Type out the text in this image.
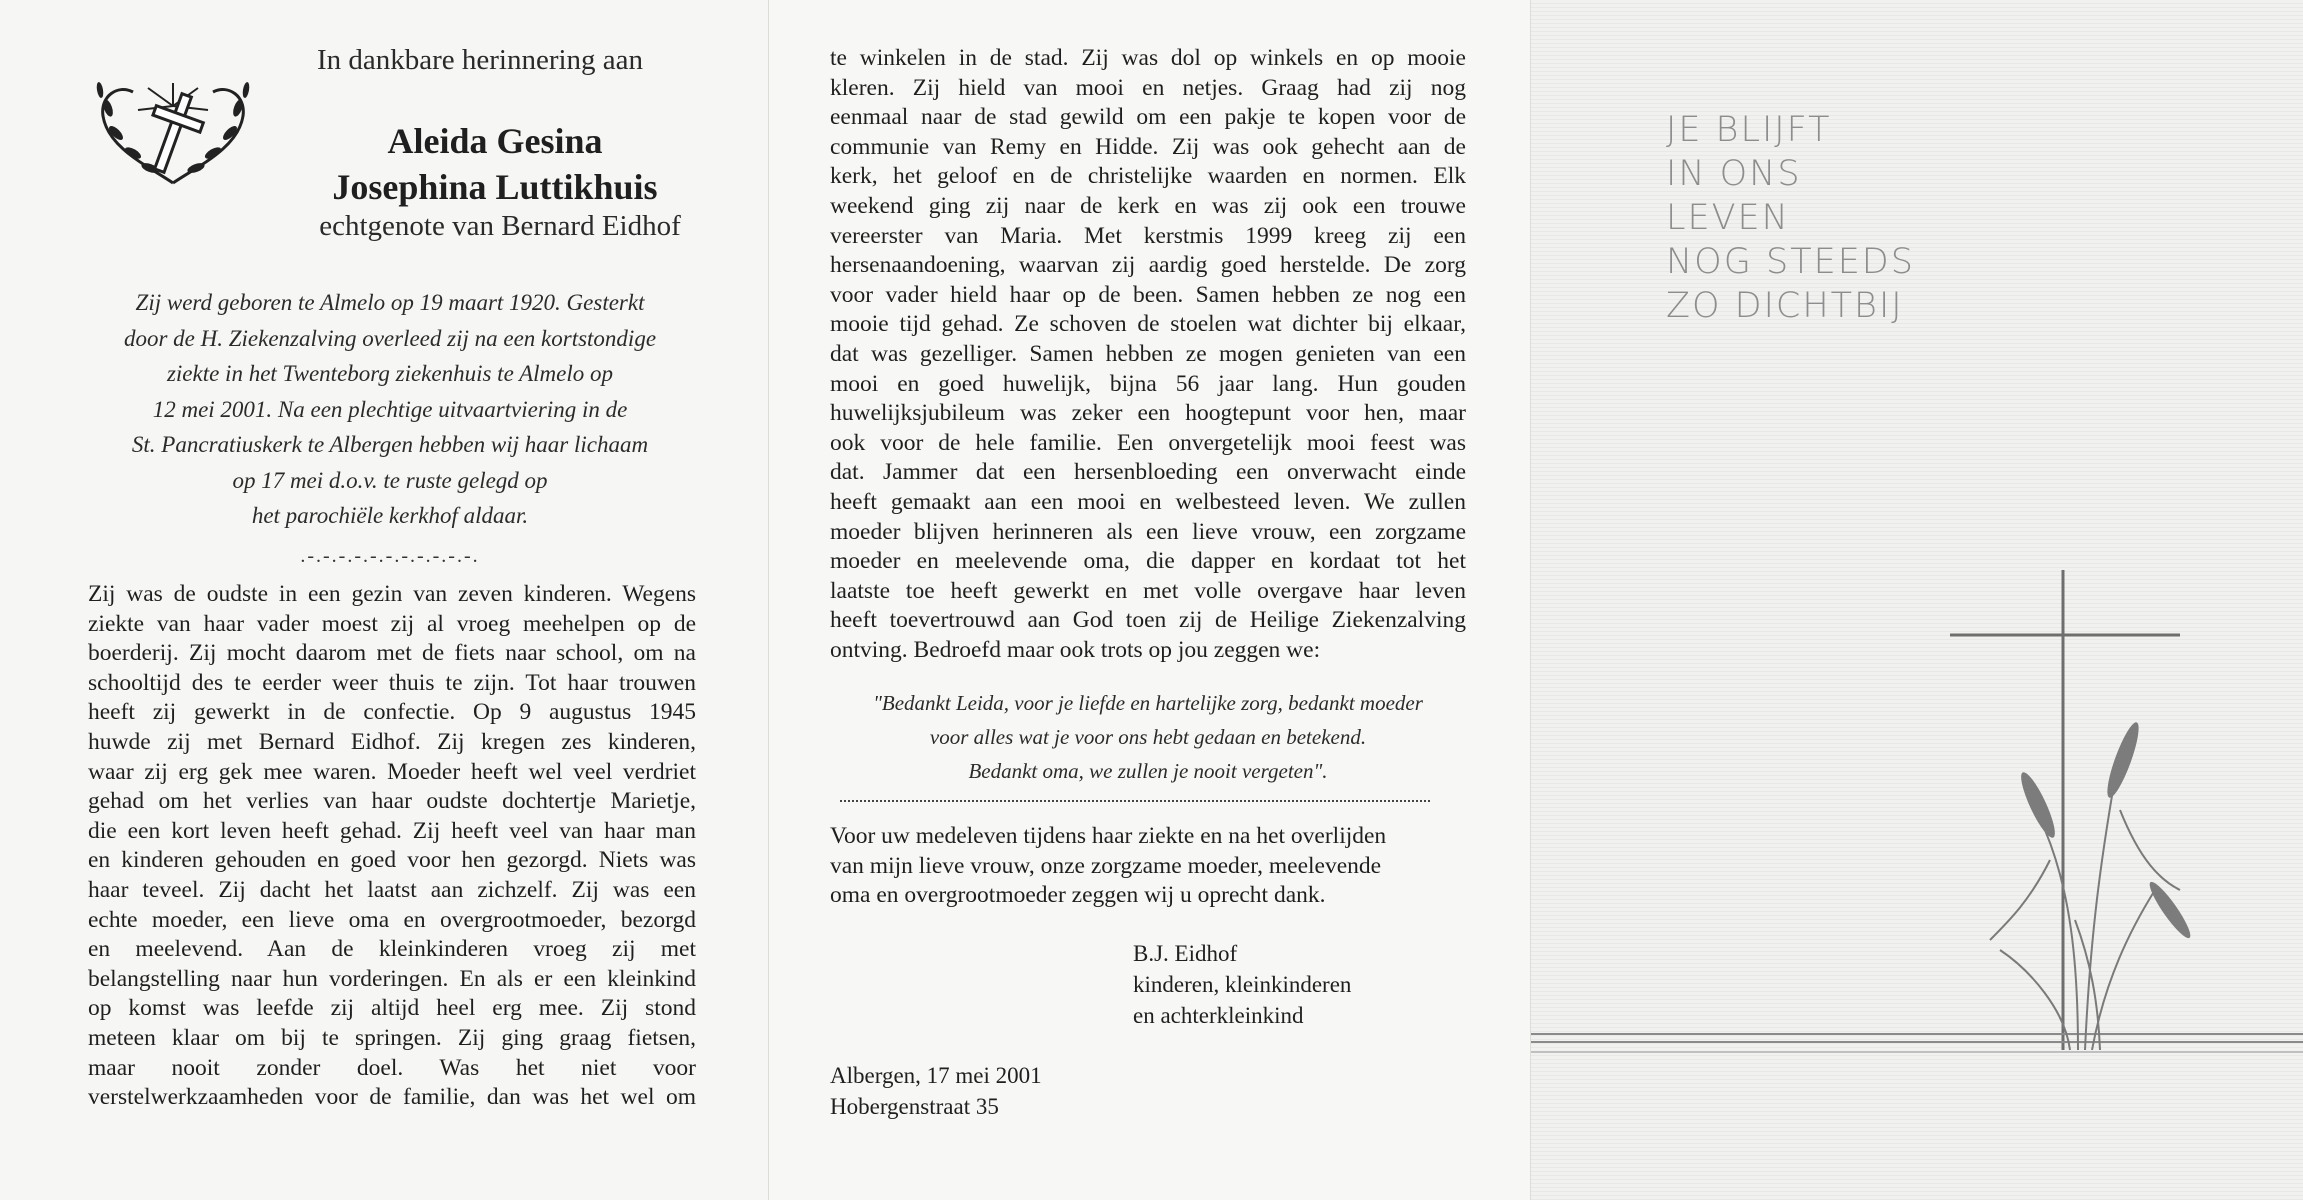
In dankbare herinnering aan
Aleida Gesina
Josephina Luttikhuis
echtgenote van Bernard Eidhof
Zij werd geboren te Almelo op 19 maart 1920. Gesterkt
door de H. Ziekenzalving overleed zij na een kortstondige
ziekte in het Twenteborg ziekenhuis te Almelo op
12 mei 2001. Na een plechtige uitvaartviering in de
St. Pancratiuskerk te Albergen hebben wij haar lichaam
op 17 mei d.o.v. te ruste gelegd op
het parochiële kerkhof aldaar.
.-.-.-.-.-.-.-.-.-.-.-.
Zij was de oudste in een gezin van zeven kinderen. Wegens
ziekte van haar vader moest zij al vroeg meehelpen op de
boerderij. Zij mocht daarom met de fiets naar school, om na
schooltijd des te eerder weer thuis te zijn. Tot haar trouwen
heeft zij gewerkt in de confectie. Op 9 augustus 1945
huwde zij met Bernard Eidhof. Zij kregen zes kinderen,
waar zij erg gek mee waren. Moeder heeft wel veel verdriet
gehad om het verlies van haar oudste dochtertje Marietje,
die een kort leven heeft gehad. Zij heeft veel van haar man
en kinderen gehouden en goed voor hen gezorgd. Niets was
haar teveel. Zij dacht het laatst aan zichzelf. Zij was een
echte moeder, een lieve oma en overgrootmoeder, bezorgd
en meelevend. Aan de kleinkinderen vroeg zij met
belangstelling naar hun vorderingen. En als er een kleinkind
op komst was leefde zij altijd heel erg mee. Zij stond
meteen klaar om bij te springen. Zij ging graag fietsen,
maar nooit zonder doel. Was het niet voor
verstelwerkzaamheden voor de familie, dan was het wel om
te winkelen in de stad. Zij was dol op winkels en op mooie
kleren. Zij hield van mooi en netjes. Graag had zij nog
eenmaal naar de stad gewild om een pakje te kopen voor de
communie van Remy en Hidde. Zij was ook gehecht aan de
kerk, het geloof en de christelijke waarden en normen. Elk
weekend ging zij naar de kerk en was zij ook een trouwe
vereerster van Maria. Met kerstmis 1999 kreeg zij een
hersenaandoening, waarvan zij aardig goed herstelde. De zorg
voor vader hield haar op de been. Samen hebben ze nog een
mooie tijd gehad. Ze schoven de stoelen wat dichter bij elkaar,
dat was gezelliger. Samen hebben ze mogen genieten van een
mooi en goed huwelijk, bijna 56 jaar lang. Hun gouden
huwelijksjubileum was zeker een hoogtepunt voor hen, maar
ook voor de hele familie. Een onvergetelijk mooi feest was
dat. Jammer dat een hersenbloeding een onverwacht einde
heeft gemaakt aan een mooi en welbesteed leven. We zullen
moeder blijven herinneren als een lieve vrouw, een zorgzame
moeder en meelevende oma, die dapper en kordaat tot het
laatste toe heeft gewerkt en met volle overgave haar leven
heeft toevertrouwd aan God toen zij de Heilige Ziekenzalving
ontving. Bedroefd maar ook trots op jou zeggen we:
"Bedankt Leida, voor je liefde en hartelijke zorg, bedankt moeder
voor alles wat je voor ons hebt gedaan en betekend.
Bedankt oma, we zullen je nooit vergeten".
Voor uw medeleven tijdens haar ziekte en na het overlijden
van mijn lieve vrouw, onze zorgzame moeder, meelevende
oma en overgrootmoeder zeggen wij u oprecht dank.
B.J. Eidhof
kinderen, kleinkinderen
en achterkleinkind
Albergen, 17 mei 2001
Hobergenstraat 35
JE BLIJFT
IN ONS
LEVEN
NOG STEEDS
ZO DICHTBIJ
